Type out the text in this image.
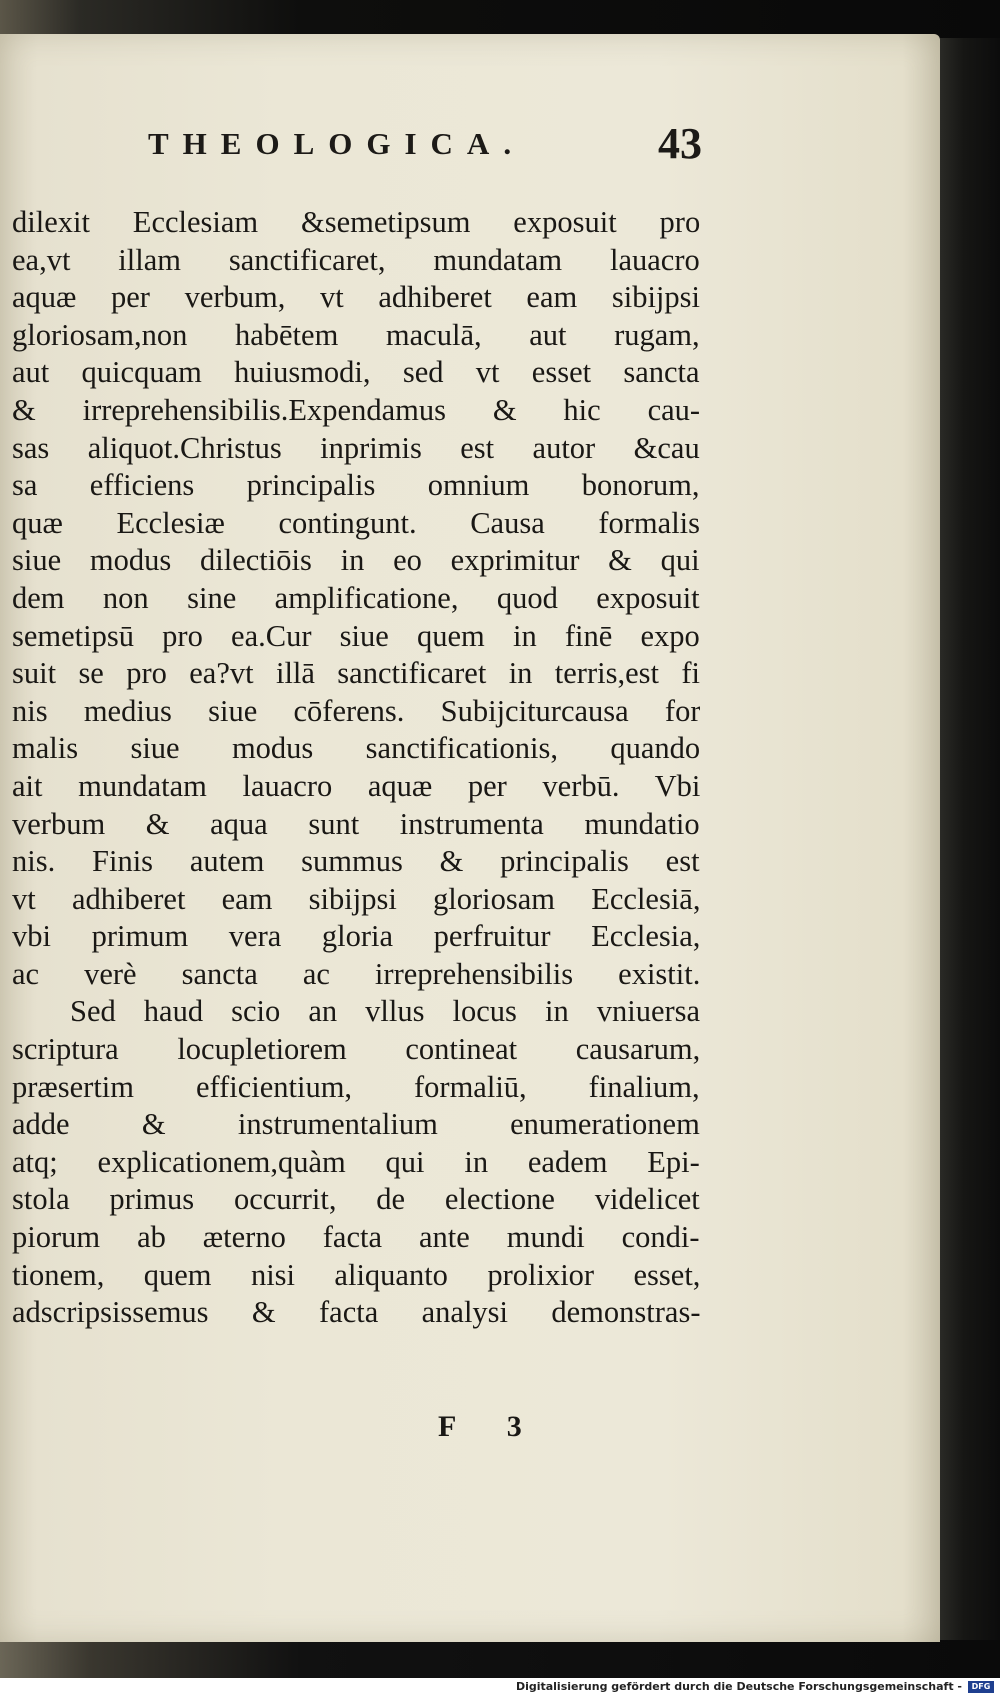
THEOLOGICA.	43
dilexit Ecclesiam &semetipsum exposuit pro
ea,vt illam sanctificaret, mundatam lauacro
aquæ per verbum, vt adhiberet eam sibijpsi
gloriosam,non habētem maculā, aut rugam,
aut quicquam huiusmodi, sed vt esset sancta
& irreprehensibilis.Expendamus & hic cau-
sas aliquot.Christus inprimis est autor &cau
sa efficiens principalis omnium bonorum,
quæ Ecclesiæ contingunt. Causa formalis
siue modus dilectiōis in eo exprimitur & qui
dem non sine amplificatione, quod exposuit
semetipsū pro ea.Cur siue quem in finē expo
suit se pro ea?vt illā sanctificaret in terris,est fi
nis medius siue cōferens. Subijciturcausa for
malis siue modus sanctificationis, quando
ait mundatam lauacro aquæ per verbū. Vbi
verbum & aqua sunt instrumenta mundatio
nis. Finis autem summus & principalis est
vt adhiberet eam sibijpsi gloriosam Ecclesiā,
vbi primum vera gloria perfruitur Ecclesia,
ac verè sancta ac irreprehensibilis existit.
Sed haud scio an vllus locus in vniuersa
scriptura locupletiorem contineat causarum,
præsertim efficientium, formaliū, finalium,
adde & instrumentalium enumerationem
atq; explicationem,quàm qui in eadem Epi-
stola primus occurrit, de electione videlicet
piorum ab æterno facta ante mundi condi-
tionem, quem nisi aliquanto prolixior esset,
adscripsissemus & facta analysi demonstras-
F 3
Digitalisierung gefördert durch die Deutsche Forschungsgemeinschaft -	DFG
